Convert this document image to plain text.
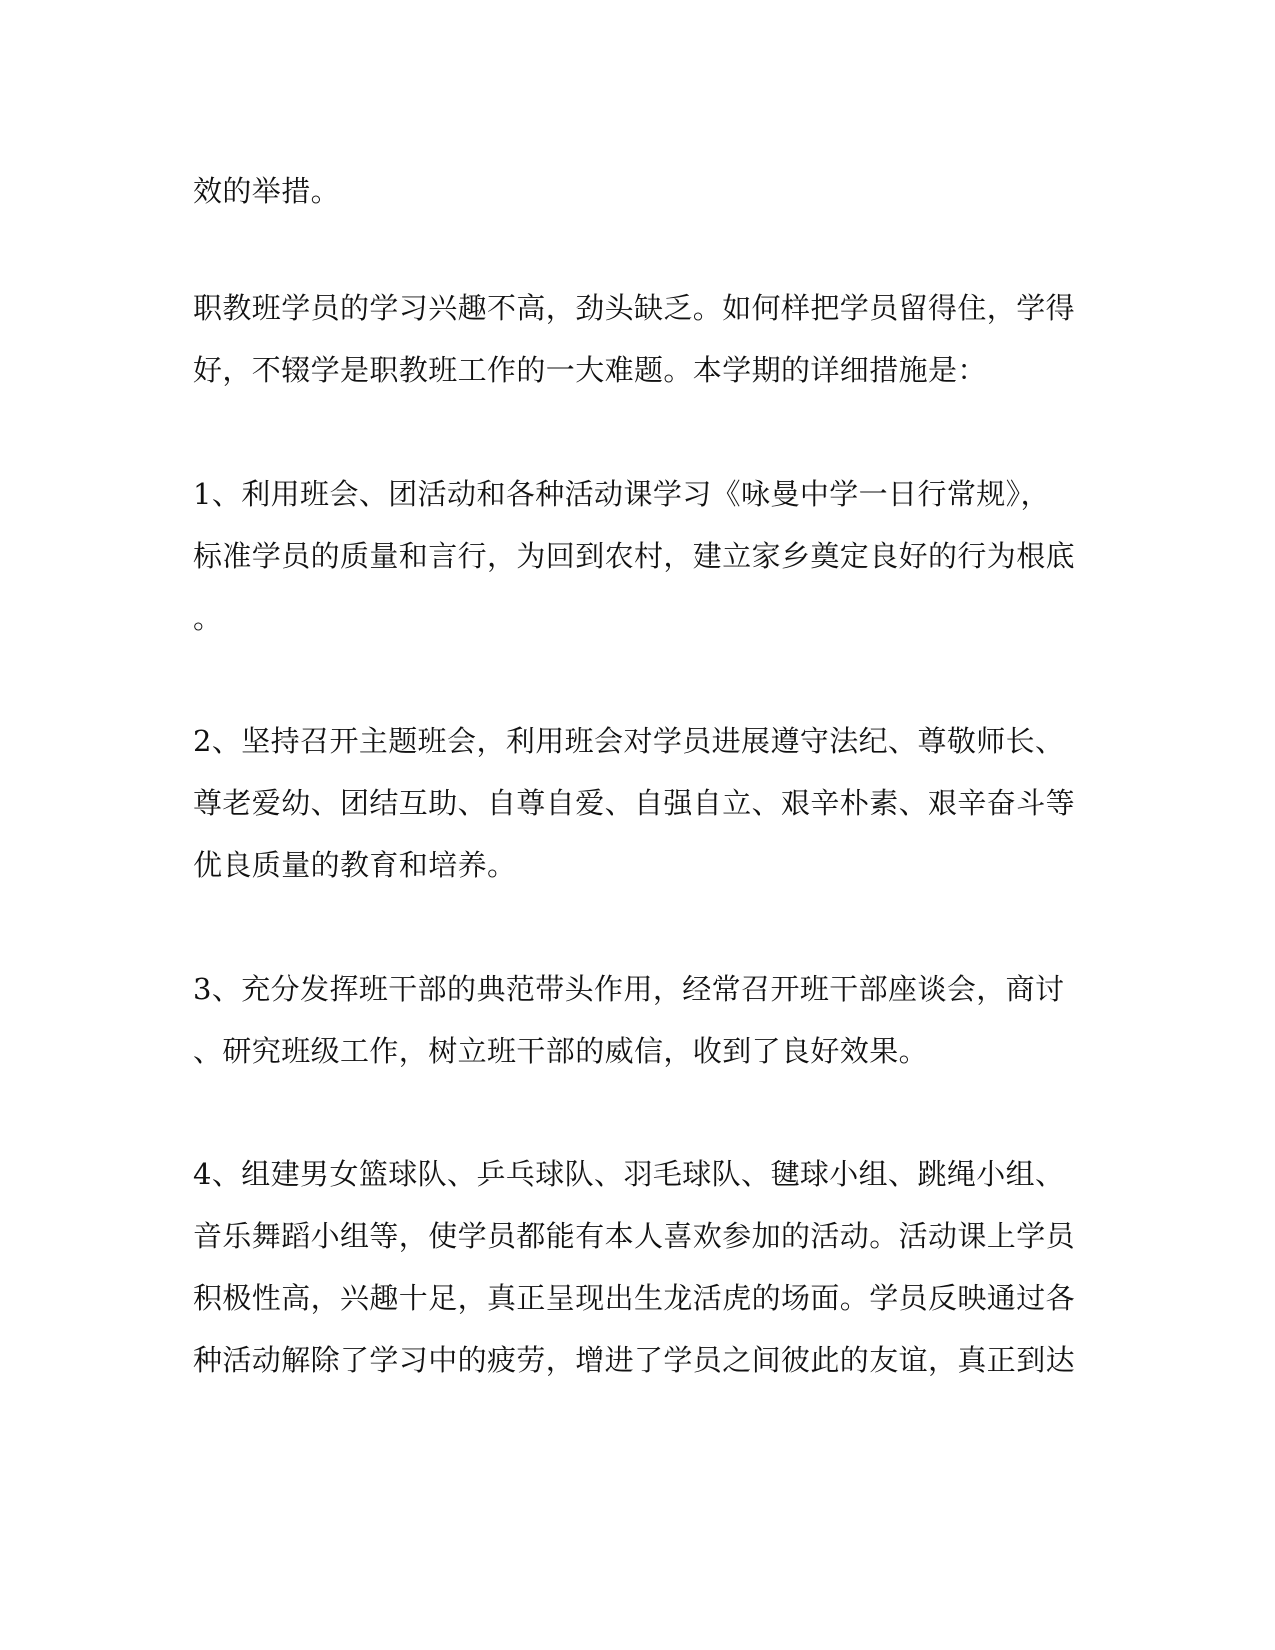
效的举措。
职教班学员的学习兴趣不高，劲头缺乏。如何样把学员留得住，学得
好，不辍学是职教班工作的一大难题。本学期的详细措施是：
1、利用班会、团活动和各种活动课学习《咏曼中学一日行常规》，
标准学员的质量和言行，为回到农村，建立家乡奠定良好的行为根底
。
2、坚持召开主题班会，利用班会对学员进展遵守法纪、尊敬师长、
尊老爱幼、团结互助、自尊自爱、自强自立、艰辛朴素、艰辛奋斗等
优良质量的教育和培养。
3、充分发挥班干部的典范带头作用，经常召开班干部座谈会，商讨
、研究班级工作，树立班干部的威信，收到了良好效果。
4、组建男女篮球队、乒乓球队、羽毛球队、毽球小组、跳绳小组、
音乐舞蹈小组等，使学员都能有本人喜欢参加的活动。活动课上学员
积极性高，兴趣十足，真正呈现出生龙活虎的场面。学员反映通过各
种活动解除了学习中的疲劳，增进了学员之间彼此的友谊，真正到达
